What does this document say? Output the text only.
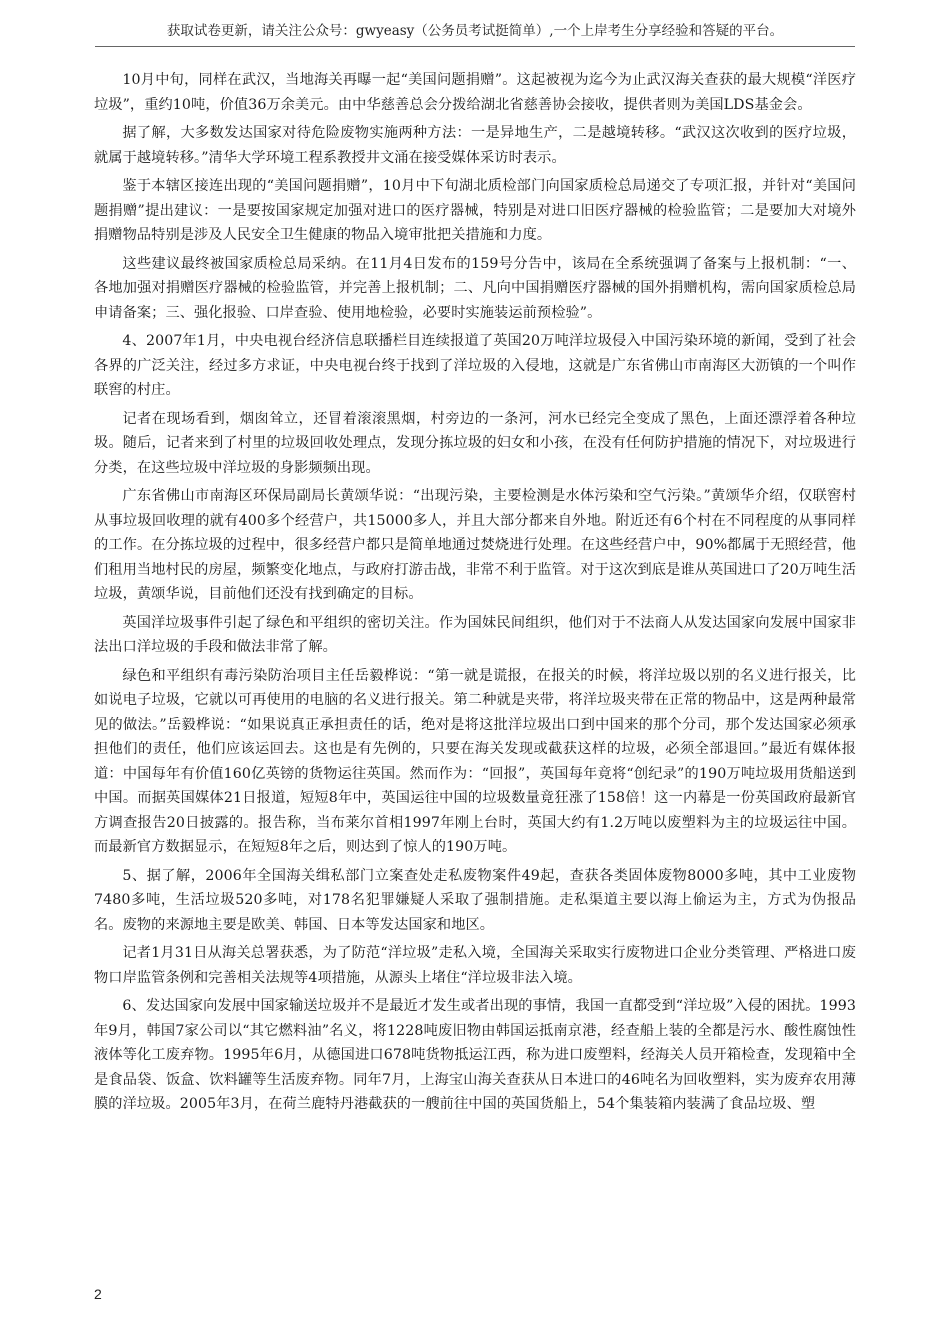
获取试卷更新，请关注公众号：gwyeasy（公务员考试挺简单）,一个上岸考生分享经验和答疑的平台。

10月中旬，同样在武汉，当地海关再曝一起“美国问题捐赠”。这起被视为迄今为止武汉海关查获的最大规模“洋医疗垃圾”，重约10吨，价值36万余美元。由中华慈善总会分拨给湖北省慈善协会接收，提供者则为美国LDS基金会。

据了解，大多数发达国家对待危险废物实施两种方法：一是异地生产，二是越境转移。“武汉这次收到的医疗垃圾，就属于越境转移。”清华大学环境工程系教授井文涌在接受媒体采访时表示。

鉴于本辖区接连出现的“美国问题捐赠”，10月中下旬湖北质检部门向国家质检总局递交了专项汇报，并针对“美国问题捐赠”提出建议：一是要按国家规定加强对进口的医疗器械，特别是对进口旧医疗器械的检验监管；二是要加大对境外捐赠物品特别是涉及人民安全卫生健康的物品入境审批把关措施和力度。

这些建议最终被国家质检总局采纳。在11月4日发布的159号分告中，该局在全系统强调了备案与上报机制：“一、各地加强对捐赠医疗器械的检验监管，并完善上报机制；二、凡向中国捐赠医疗器械的国外捐赠机构，需向国家质检总局申请备案；三、强化报验、口岸查验、使用地检验，必要时实施装运前预检验”。

4、2007年1月，中央电视台经济信息联播栏目连续报道了英国20万吨洋垃圾侵入中国污染环境的新闻，受到了社会各界的广泛关注，经过多方求证，中央电视台终于找到了洋垃圾的入侵地，这就是广东省佛山市南海区大沥镇的一个叫作联窖的村庄。

记者在现场看到，烟囱耸立，还冒着滚滚黑烟，村旁边的一条河，河水已经完全变成了黑色，上面还漂浮着各种垃圾。随后，记者来到了村里的垃圾回收处理点，发现分拣垃圾的妇女和小孩，在没有任何防护措施的情况下，对垃圾进行分类，在这些垃圾中洋垃圾的身影频频出现。

广东省佛山市南海区环保局副局长黄颂华说：“出现污染，主要检测是水体污染和空气污染。”黄颂华介绍，仅联窖村从事垃圾回收理的就有400多个经营户，共15000多人，并且大部分都来自外地。附近还有6个村在不同程度的从事同样的工作。在分拣垃圾的过程中，很多经营户都只是简单地通过焚烧进行处理。在这些经营户中，90%都属于无照经营，他们租用当地村民的房屋，频繁变化地点，与政府打游击战，非常不利于监管。对于这次到底是谁从英国进口了20万吨生活垃圾，黄颂华说，目前他们还没有找到确定的目标。

英国洋垃圾事件引起了绿色和平组织的密切关注。作为国妹民间组织，他们对于不法商人从发达国家向发展中国家非法出口洋垃圾的手段和做法非常了解。

绿色和平组织有毒污染防治项目主任岳毅桦说：“第一就是谎报，在报关的时候，将洋垃圾以别的名义进行报关，比如说电子垃圾，它就以可再使用的电脑的名义进行报关。第二种就是夹带，将洋垃圾夹带在正常的物品中，这是两种最常见的做法。”岳毅桦说：“如果说真正承担责任的话，绝对是将这批洋垃圾出口到中国来的那个分司，那个发达国家必须承担他们的责任，他们应该运回去。这也是有先例的，只要在海关发现或截获这样的垃圾，必须全部退回。”最近有媒体报道：中国每年有价值160亿英镑的货物运往英国。然而作为：“回报”，英国每年竟将“创纪录”的190万吨垃圾用货船送到中国。而据英国媒体21日报道，短短8年中，英国运往中国的垃圾数量竟狂涨了158倍！这一内幕是一份英国政府最新官方调查报告20日披露的。报告称，当布莱尔首相1997年刚上台时，英国大约有1.2万吨以废塑料为主的垃圾运往中国。而最新官方数据显示，在短短8年之后，则达到了惊人的190万吨。

5、据了解，2006年全国海关缉私部门立案查处走私废物案件49起，查获各类固体废物8000多吨，其中工业废物7480多吨，生活垃圾520多吨，对178名犯罪嫌疑人采取了强制措施。走私渠道主要以海上偷运为主，方式为伪报品名。废物的来源地主要是欧美、韩国、日本等发达国家和地区。

记者1月31日从海关总署获悉，为了防范“洋垃圾”走私入境，全国海关采取实行废物进口企业分类管理、严格进口废物口岸监管条例和完善相关法规等4项措施，从源头上堵住“洋垃圾非法入境。

6、发达国家向发展中国家输送垃圾并不是最近才发生或者出现的事情，我国一直都受到“洋垃圾”入侵的困扰。1993年9月，韩国7家公司以“其它燃料油”名义，将1228吨废旧物由韩国运抵南京港，经查船上装的全都是污水、酸性腐蚀性液体等化工废弃物。1995年6月，从德国进口678吨货物抵运江西，称为进口废塑料，经海关人员开箱检查，发现箱中全是食品袋、饭盒、饮料罐等生活废弃物。同年7月，上海宝山海关查获从日本进口的46吨名为回收塑料，实为废弃农用薄膜的洋垃圾。2005年3月，在荷兰鹿特丹港截获的一艘前往中国的英国货船上，54个集装箱内装满了食品垃圾、塑

2
